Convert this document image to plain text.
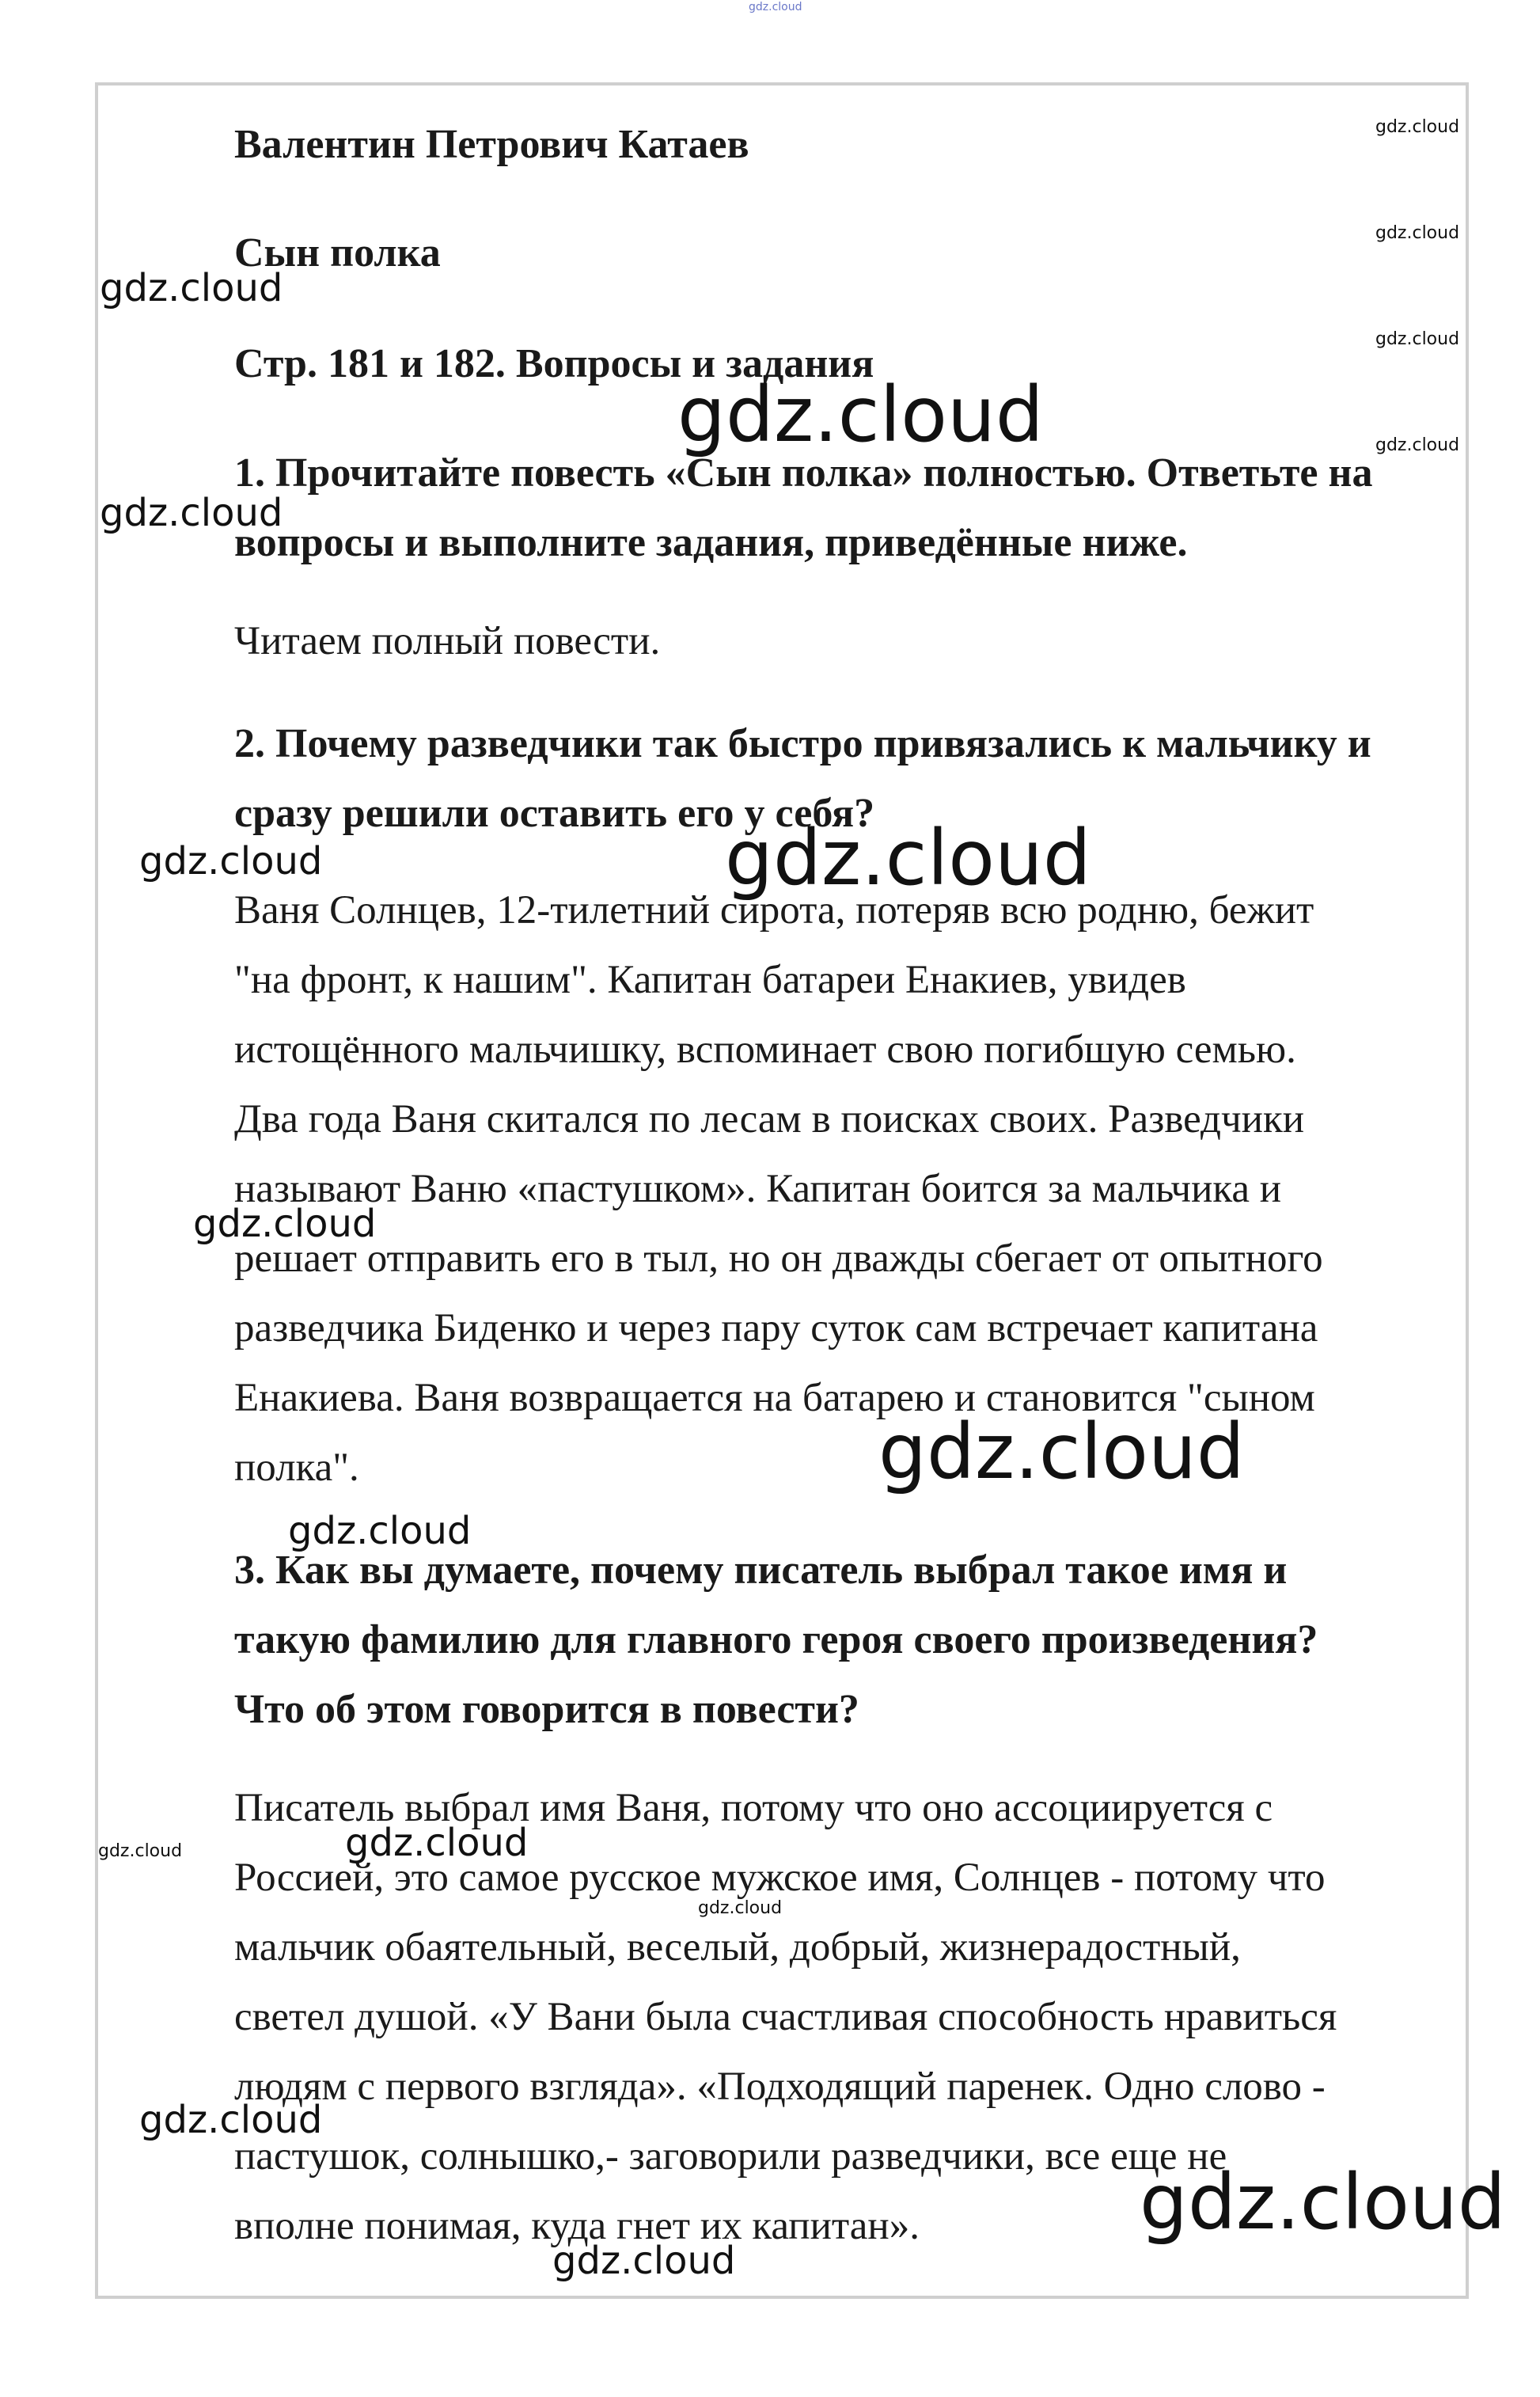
gdz.cloud
Валентин Петрович Катаев
Сын полка
Стр. 181 и 182. Вопросы и задания
1. Прочитайте повесть «Сын полка» полностью. Ответьте на
вопросы и выполните задания, приведённые ниже.
Читаем полный повести.
2. Почему разведчики так быстро привязались к мальчику и
сразу решили оставить его у себя?
Ваня Солнцев, 12-тилетний сирота, потеряв всю родню, бежит
"на фронт, к нашим". Капитан батареи Енакиев, увидев
истощённого мальчишку, вспоминает свою погибшую семью.
Два года Ваня скитался по лесам в поисках своих. Разведчики
называют Ваню «пастушком». Капитан боится за мальчика и
решает отправить его в тыл, но он дважды сбегает от опытного
разведчика Биденко и через пару суток сам встречает капитана
Енакиева. Ваня возвращается на батарею и становится "сыном
полка".
3. Как вы думаете, почему писатель выбрал такое имя и
такую фамилию для главного героя своего произведения?
Что об этом говорится в повести?
Писатель выбрал имя Ваня, потому что оно ассоциируется с
Россией, это самое русское мужское имя, Солнцев - потому что
мальчик обаятельный, веселый, добрый, жизнерадостный,
светел душой. «У Вани была счастливая способность нравиться
людям с первого взгляда». «Подходящий паренек. Одно слово -
пастушок, солнышко,- заговорили разведчики, все еще не
вполне понимая, куда гнет их капитан».
gdz.cloud
gdz.cloud
gdz.cloud
gdz.cloud
gdz.cloud
gdz.cloud
gdz.cloud
gdz.cloud
gdz.cloud
gdz.cloud
gdz.cloud
gdz.cloud
gdz.cloud
gdz.cloud
gdz.cloud
gdz.cloud
gdz.cloud
gdz.cloud
